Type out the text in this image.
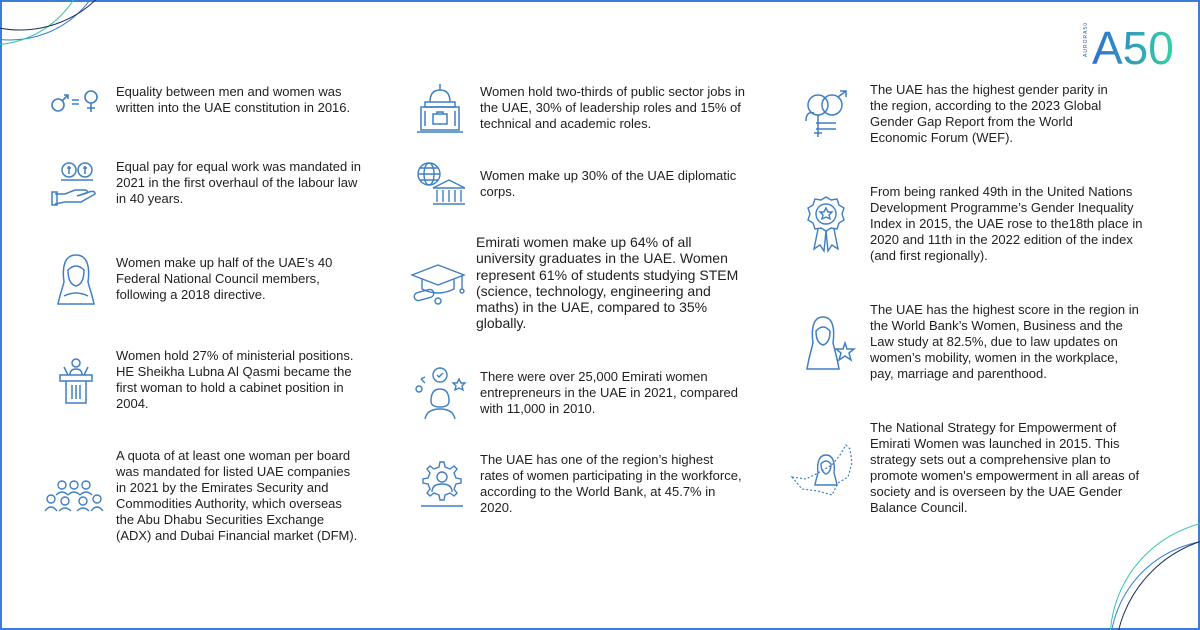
AURORA50 A50
Equality between men and women was written into the UAE constitution in 2016.
Equal pay for equal work was mandated in 2021 in the first overhaul of the labour law in 40 years.
Women make up half of the UAE’s 40 Federal National Council members, following a 2018 directive.
Women hold 27% of ministerial positions. HE Sheikha Lubna Al Qasmi became the first woman to hold a cabinet position in 2004.
A quota of at least one woman per board was mandated for listed UAE companies in 2021 by the Emirates Security and Commodities Authority, which overseas the Abu Dhabu Securities Exchange (ADX) and Dubai Financial market (DFM).
Women hold two-thirds of public sector jobs in the UAE, 30% of leadership roles and 15% of technical and academic roles.
Women make up 30% of the UAE diplomatic corps.
Emirati women make up 64% of all university graduates in the UAE. Women represent 61% of students studying STEM (science, technology, engineering and maths) in the UAE, compared to 35% globally.
There were over 25,000 Emirati women entrepreneurs in the UAE in 2021, compared with 11,000 in 2010.
The UAE has one of the region’s highest rates of women participating in the workforce, according to the World Bank, at 45.7% in 2020.
The UAE has the highest gender parity in the region, according to the 2023 Global Gender Gap Report from the World Economic Forum (WEF).
From being ranked 49th in the United Nations Development Programme’s Gender Inequality Index in 2015, the UAE rose to the18th place in 2020 and 11th in the 2022 edition of the index (and first regionally).
The UAE has the highest score in the region in the World Bank’s Women, Business and the Law study at 82.5%, due to law updates on women’s mobility, women in the workplace, pay, marriage and parenthood.
The National Strategy for Empowerment of Emirati Women was launched in 2015. This strategy sets out a comprehensive plan to promote women's empowerment in all areas of society and is overseen by the UAE Gender Balance Council.
